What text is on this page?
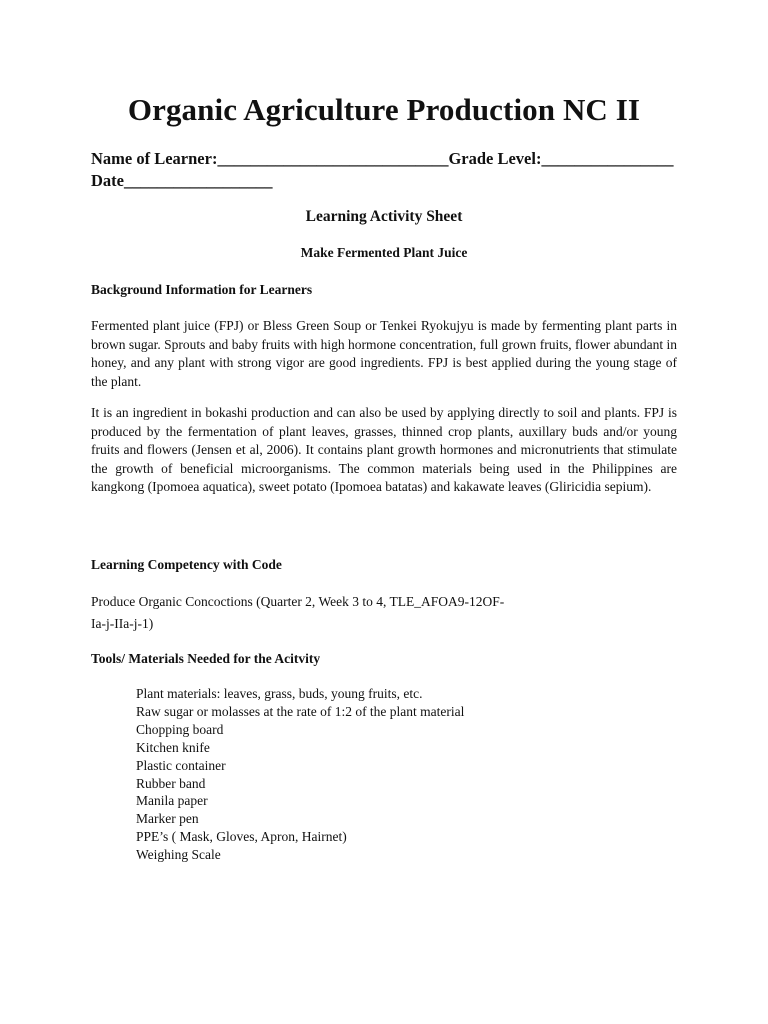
Organic Agriculture Production NC II
Name of Learner:____________________________Grade Level:________________
Date__________________
Learning Activity Sheet
Make Fermented Plant Juice
Background Information for Learners
Fermented plant juice (FPJ) or Bless Green Soup or Tenkei Ryokujyu is made by fermenting plant parts in brown sugar. Sprouts and baby fruits with high hormone concentration, full grown fruits, flower abundant in honey, and any plant with strong vigor are good ingredients. FPJ is best applied during the young stage of the plant.
It is an ingredient in bokashi production and can also be used by applying directly to soil and plants. FPJ is produced by the fermentation of plant leaves, grasses, thinned crop plants, auxillary buds and/or young fruits and flowers (Jensen et al, 2006). It contains plant growth hormones and micronutrients that stimulate the growth of beneficial microorganisms. The common materials being used in the Philippines are kangkong (Ipomoea aquatica), sweet potato (Ipomoea batatas) and kakawate leaves (Gliricidia sepium).
Learning Competency with Code
Produce Organic Concoctions (Quarter 2, Week 3 to 4, TLE_AFOA9-12OF-
Ia-j-IIa-j-1)
Tools/ Materials Needed for the Acitvity
Plant materials: leaves, grass, buds, young fruits, etc.
Raw sugar or molasses at the rate of 1:2 of the plant material
Chopping board
Kitchen knife
Plastic container
Rubber band
Manila paper
Marker pen
PPE’s ( Mask, Gloves, Apron, Hairnet)
Weighing Scale
